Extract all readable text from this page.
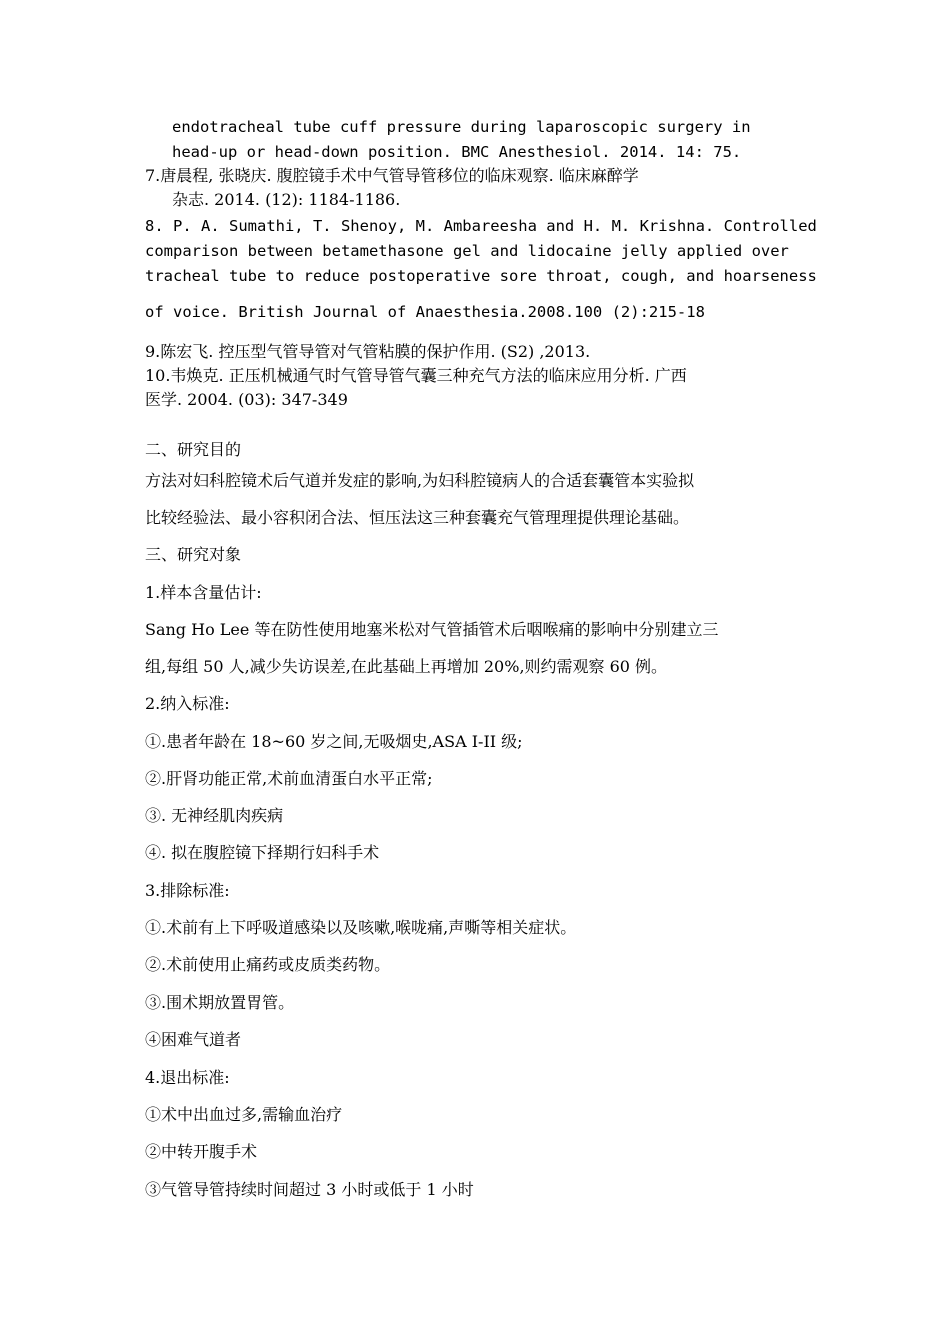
endotracheal tube cuff pressure during laparoscopic surgery in
head-up or head-down position. BMC Anesthesiol. 2014. 14: 75.
7.唐晨程, 张晓庆. 腹腔镜手术中气管导管移位的临床观察. 临床麻醉学
杂志. 2014. (12): 1184-1186.
8. P. A. Sumathi, T. Shenoy, M. Ambareesha and H. M. Krishna. Controlled
comparison between betamethasone gel and lidocaine jelly applied over
tracheal tube to reduce postoperative sore throat, cough, and hoarseness
of voice. British Journal of Anaesthesia.2008.100 (2):215-18
9.陈宏飞. 控压型气管导管对气管粘膜的保护作用. (S2) ,2013.
10.韦焕克. 正压机械通气时气管导管气囊三种充气方法的临床应用分析. 广西
医学. 2004. (03): 347-349
二、研究目的
方法对妇科腔镜术后气道并发症的影响,为妇科腔镜病人的合适套囊管本实验拟
比较经验法、最小容积闭合法、恒压法这三种套囊充气管理理提供理论基础。
三、研究对象
1.样本含量估计:
Sang Ho Lee 等在防性使用地塞米松对气管插管术后咽喉痛的影响中分别建立三
组,每组 50 人,减少失访误差,在此基础上再增加 20%,则约需观察 60 例。
2.纳入标准:
①.患者年龄在 18~60 岁之间,无吸烟史,ASA I-II 级;
②.肝肾功能正常,术前血清蛋白水平正常;
③. 无神经肌肉疾病
④. 拟在腹腔镜下择期行妇科手术
3.排除标准:
①.术前有上下呼吸道感染以及咳嗽,喉咙痛,声嘶等相关症状。
②.术前使用止痛药或皮质类药物。
③.围术期放置胃管。
④困难气道者
4.退出标准:
①术中出血过多,需输血治疗
②中转开腹手术
③气管导管持续时间超过 3 小时或低于 1 小时
